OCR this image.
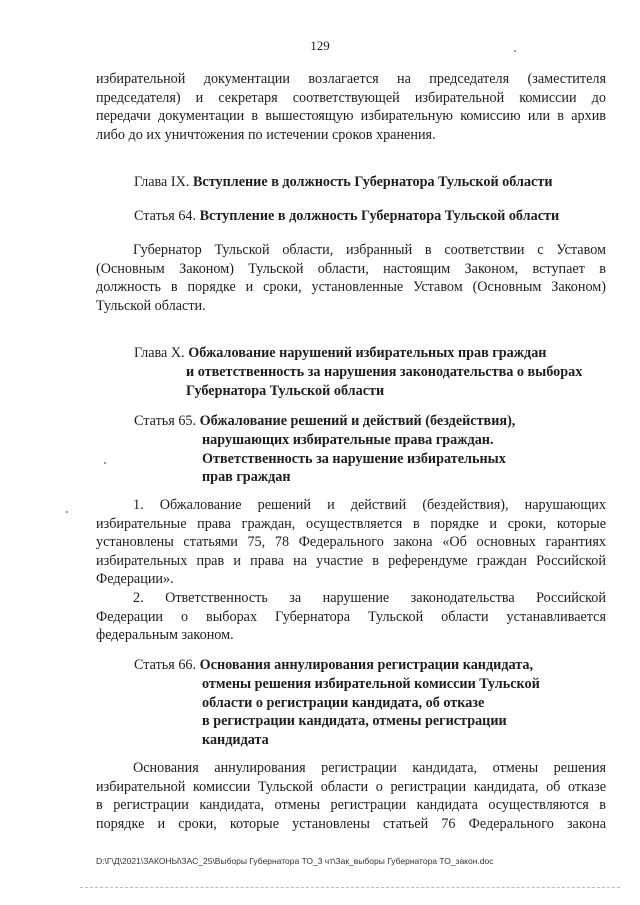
129
избирательной документации возлагается на председателя (заместителя
председателя) и секретаря соответствующей избирательной комиссии до
передачи документации в вышестоящую избирательную комиссию или в архив
либо до их уничтожения по истечении сроков хранения.
Глава IX. Вступление в должность Губернатора Тульской области
Статья 64. Вступление в должность Губернатора Тульской области
Губернатор Тульской области, избранный в соответствии с Уставом
(Основным Законом) Тульской области, настоящим Законом, вступает в
должность в порядке и сроки, установленные Уставом (Основным Законом)
Тульской области.
Глава X. Обжалование нарушений избирательных прав граждан
и ответственность за нарушения законодательства о выборах
Губернатора Тульской области
Статья 65. Обжалование решений и действий (бездействия),
нарушающих избирательные права граждан.
Ответственность за нарушение избирательных
прав граждан
1. Обжалование решений и действий (бездействия), нарушающих
избирательные права граждан, осуществляется в порядке и сроки, которые
установлены статьями 75, 78 Федерального закона «Об основных гарантиях
избирательных прав и права на участие в референдуме граждан Российской
Федерации».
2. Ответственность за нарушение законодательства Российской
Федерации о выборах Губернатора Тульской области устанавливается
федеральным законом.
Статья 66. Основания аннулирования регистрации кандидата,
отмены решения избирательной комиссии Тульской
области о регистрации кандидата, об отказе
в регистрации кандидата, отмены регистрации
кандидата
Основания аннулирования регистрации кандидата, отмены решения
избирательной комиссии Тульской области о регистрации кандидата, об отказе
в регистрации кандидата, отмены регистрации кандидата осуществляются в
порядке и сроки, которые установлены статьей 76 Федерального закона
D:\Г\Д\2021\ЗАКОНЫ\ЗАС_25\Выборы Губернатора ТО_3 чт\Зак_выборы Губернатора ТО_закон.doc
